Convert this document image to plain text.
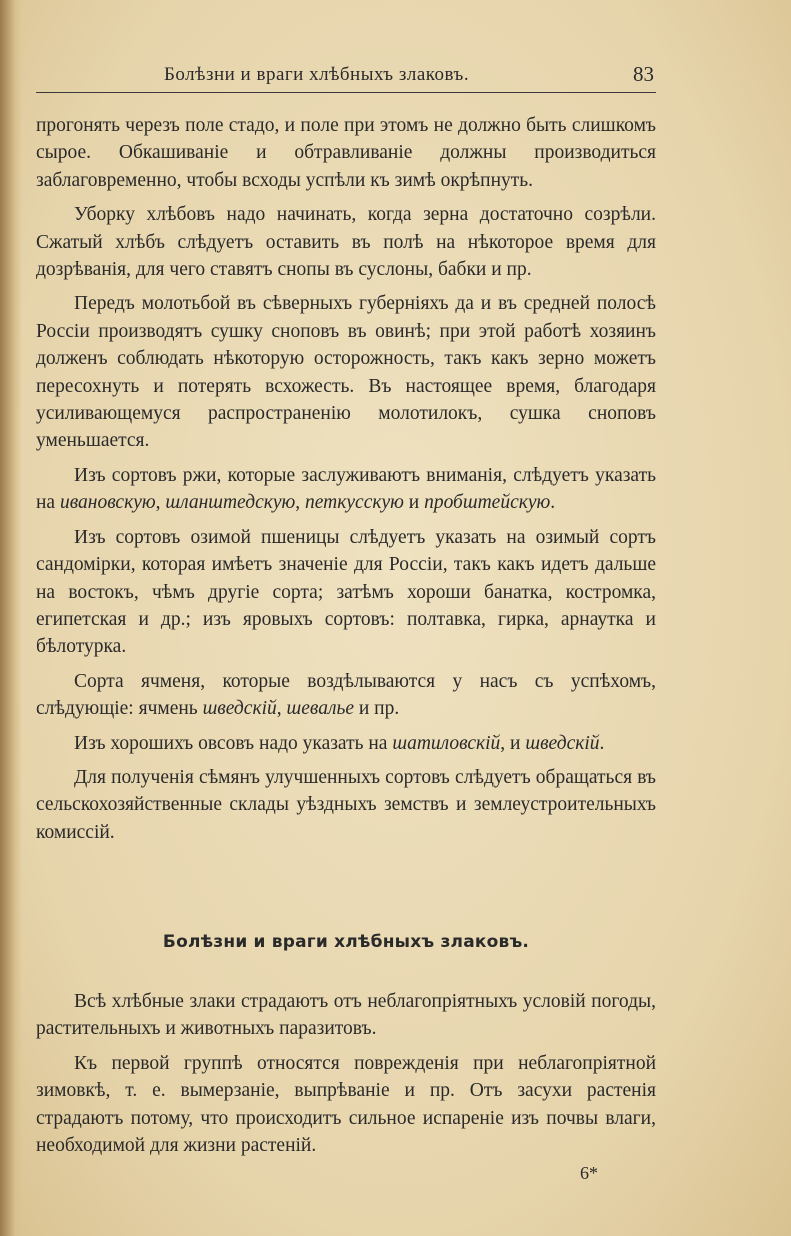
Болѣзни и враги хлѣбныхъ злаковъ.	83

прогонять черезъ поле стадо, и поле при этомъ не должно быть слишкомъ сырое. Обкашиваніе и обтравливаніе должны производиться заблаговременно, чтобы всходы успѣли къ зимѣ окрѣпнуть.

Уборку хлѣбовъ надо начинать, когда зерна достаточно созрѣли. Сжатый хлѣбъ слѣдуетъ оставить въ полѣ на нѣкоторое время для дозрѣванія, для чего ставятъ снопы въ суслоны, бабки и пр.

Передъ молотьбой въ сѣверныхъ губерніяхъ да и въ средней полосѣ Россіи производятъ сушку сноповъ въ овинѣ; при этой работѣ хозяинъ долженъ соблюдать нѣкоторую осторожность, такъ какъ зерно можетъ пересохнуть и потерять всхожесть. Въ настоящее время, благодаря усиливающемуся распространенію молотилокъ, сушка сноповъ уменьшается.

Изъ сортовъ ржи, которые заслуживаютъ вниманія, слѣдуетъ указать на ивановскую, шланштедскую, петкусскую и пробштейскую.

Изъ сортовъ озимой пшеницы слѣдуетъ указать на озимый сортъ сандомірки, которая имѣетъ значеніе для Россіи, такъ какъ идетъ дальше на востокъ, чѣмъ другіе сорта; затѣмъ хороши банатка, костромка, египетская и др.; изъ яровыхъ сортовъ: полтавка, гирка, арнаутка и бѣлотурка.

Сорта ячменя, которые воздѣлываются у насъ съ успѣхомъ, слѣдующіе: ячмень шведскій, шевалье и пр.

Изъ хорошихъ овсовъ надо указать на шатиловскій, и шведскій.

Для полученія сѣмянъ улучшенныхъ сортовъ слѣдуетъ обращаться въ сельскохозяйственные склады уѣздныхъ земствъ и землеустроительныхъ комиссій.

Болѣзни и враги хлѣбныхъ злаковъ.

Всѣ хлѣбные злаки страдаютъ отъ неблагопріятныхъ условій погоды, растительныхъ и животныхъ паразитовъ.

Къ первой группѣ относятся поврежденія при неблагопріятной зимовкѣ, т. е. вымерзаніе, выпрѣваніе и пр. Отъ засухи растенія страдаютъ потому, что происходитъ сильное испареніе изъ почвы влаги, необходимой для жизни растеній.

6*
